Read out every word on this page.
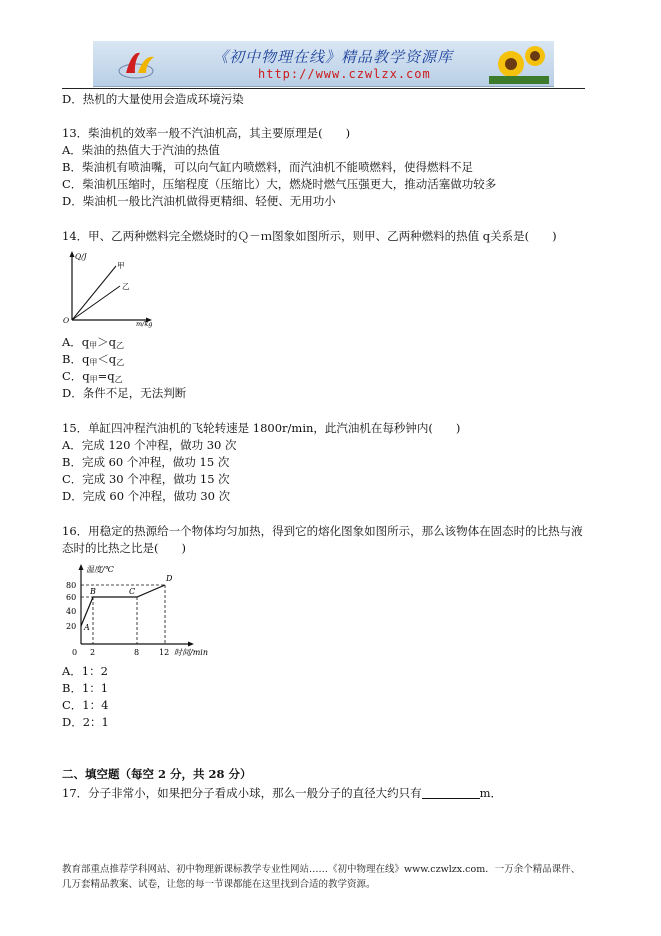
《初中物理在线》精品教学资源库
http://www.czwlzx.com
D．热机的大量使用会造成环境污染
13．柴油机的效率一般不汽油机高，其主要原理是(　　)
A．柴油的热值大于汽油的热值
B．柴油机有喷油嘴，可以向气缸内喷燃料，而汽油机不能喷燃料，使得燃料不足
C．柴油机压缩时，压缩程度（压缩比）大，燃烧时燃气压强更大，推动活塞做功较多
D．柴油机一般比汽油机做得更精细、轻便、无用功小
14．甲、乙两种燃料完全燃烧时的Ｑ－ｍ图象如图所示，则甲、乙两种燃料的热值 q关系是(　　)
Q/J
m/kg
O
甲
乙
A．$q_甲>q_乙$
B．$q_甲<q_乙$
C．$q_甲=q_乙$
D．条件不足，无法判断
15．单缸四冲程汽油机的飞轮转速是 1800r/min，此汽油机在每秒钟内(　　)
A．完成 120 个冲程，做功 30 次
B．完成 60 个冲程，做功 15 次
C．完成 30 个冲程，做功 15 次
D．完成 60 个冲程，做功 30 次
16．用稳定的热源给一个物体均匀加热，得到它的熔化图象如图所示，那么该物体在固态时的比热与液
态时的比热之比是(　　)
温度/℃
时间/min
80
60
40
20
0 2	8 12
A
B	C
D
A．1：2
B．1：1
C．1：4
D．2：1
二、填空题（每空 2 分，共 28 分）
17．分子非常小，如果把分子看成小球，那么一般分子的直径大约只有	m．
教育部重点推荐学科网站、初中物理新课标教学专业性网站……《初中物理在线》www.czwlzx.com．一万余个精品课件、
几万套精品教案、试卷，让您的每一节课都能在这里找到合适的教学资源。
